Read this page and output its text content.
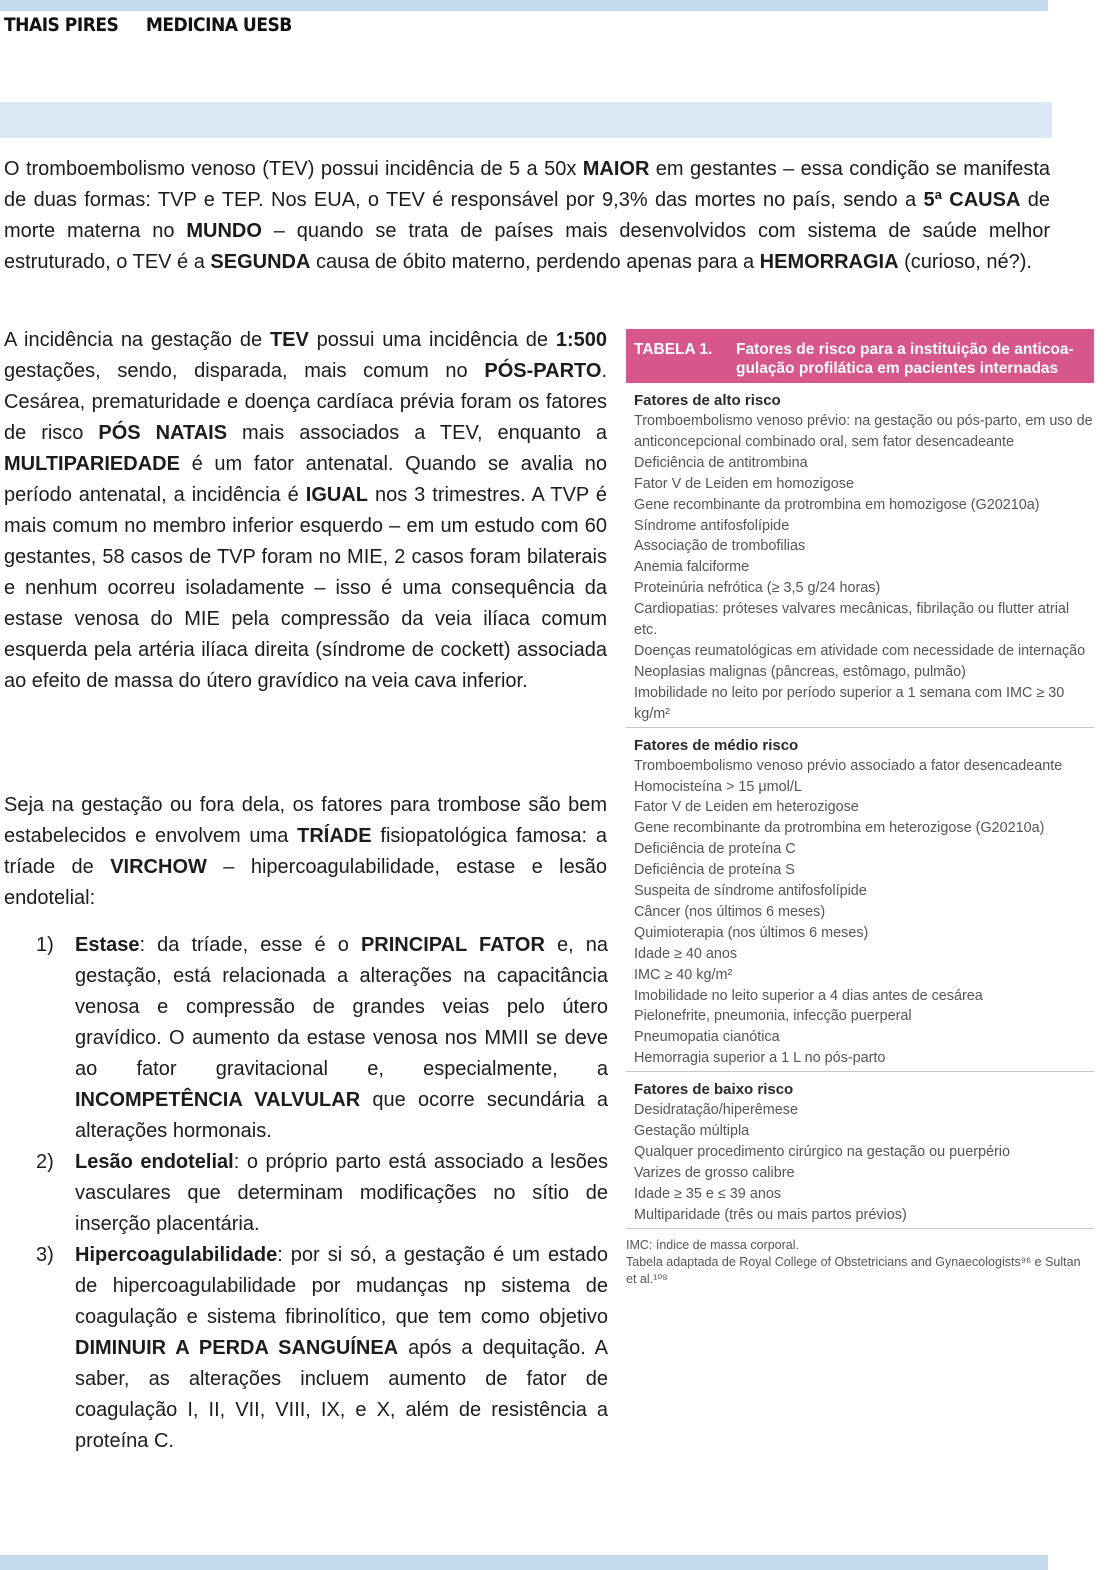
THAIS PIRES MEDICINA UESB

O tromboembolismo venoso (TEV) possui incidência de 5 a 50x MAIOR em gestantes – essa condição se manifesta de duas formas: TVP e TEP. Nos EUA, o TEV é responsável por 9,3% das mortes no país, sendo a 5ª CAUSA de morte materna no MUNDO – quando se trata de países mais desenvolvidos com sistema de saúde melhor estruturado, o TEV é a SEGUNDA causa de óbito materno, perdendo apenas para a HEMORRAGIA (curioso, né?).

A incidência na gestação de TEV possui uma incidência de 1:500 gestações, sendo, disparada, mais comum no PÓS-PARTO. Cesárea, prematuridade e doença cardíaca prévia foram os fatores de risco PÓS NATAIS mais associados a TEV, enquanto a MULTIPARIEDADE é um fator antenatal. Quando se avalia no período antenatal, a incidência é IGUAL nos 3 trimestres. A TVP é mais comum no membro inferior esquerdo – em um estudo com 60 gestantes, 58 casos de TVP foram no MIE, 2 casos foram bilaterais e nenhum ocorreu isoladamente – isso é uma consequência da estase venosa do MIE pela compressão da veia ilíaca comum esquerda pela artéria ilíaca direita (síndrome de cockett) associada ao efeito de massa do útero gravídico na veia cava inferior.

Seja na gestação ou fora dela, os fatores para trombose são bem estabelecidos e envolvem uma TRÍADE fisiopatológica famosa: a tríade de VIRCHOW – hipercoagulabilidade, estase e lesão endotelial:

1) Estase: da tríade, esse é o PRINCIPAL FATOR e, na gestação, está relacionada a alterações na capacitância venosa e compressão de grandes veias pelo útero gravídico. O aumento da estase venosa nos MMII se deve ao fator gravitacional e, especialmente, a INCOMPETÊNCIA VALVULAR que ocorre secundária a alterações hormonais.
2) Lesão endotelial: o próprio parto está associado a lesões vasculares que determinam modificações no sítio de inserção placentária.
3) Hipercoagulabilidade: por si só, a gestação é um estado de hipercoagulabilidade por mudanças np sistema de coagulação e sistema fibrinolítico, que tem como objetivo DIMINUIR A PERDA SANGUÍNEA após a dequitação. A saber, as alterações incluem aumento de fator de coagulação I, II, VII, VIII, IX, e X, além de resistência a proteína C.
TABELA 1. Fatores de risco para a instituição de anticoa-gulação profilática em pacientes internadas
Fatores de alto risco
Tromboembolismo venoso prévio: na gestação ou pós-parto, em uso de anticoncepcional combinado oral, sem fator desencadeante
Deficiência de antitrombina
Fator V de Leiden em homozigose
Gene recombinante da protrombina em homozigose (G20210a)
Síndrome antifosfolípide
Associação de trombofilias
Anemia falciforme
Proteinúria nefrótica (≥ 3,5 g/24 horas)
Cardiopatias: próteses valvares mecânicas, fibrilação ou flutter atrial etc.
Doenças reumatológicas em atividade com necessidade de internação
Neoplasias malignas (pâncreas, estômago, pulmão)
Imobilidade no leito por período superior a 1 semana com IMC ≥ 30 kg/m²
Fatores de médio risco
Tromboembolismo venoso prévio associado a fator desencadeante
Homocisteína > 15 μmol/L
Fator V de Leiden em heterozigose
Gene recombinante da protrombina em heterozigose (G20210a)
Deficiência de proteína C
Deficiência de proteína S
Suspeita de síndrome antifosfolípide
Câncer (nos últimos 6 meses)
Quimioterapia (nos últimos 6 meses)
Idade ≥ 40 anos
IMC ≥ 40 kg/m²
Imobilidade no leito superior a 4 dias antes de cesárea
Pielonefrite, pneumonia, infecção puerperal
Pneumopatia cianótica
Hemorragia superior a 1 L no pós-parto
Fatores de baixo risco
Desidratação/hiperêmese
Gestação múltipla
Qualquer procedimento cirúrgico na gestação ou puerpério
Varizes de grosso calibre
Idade ≥ 35 e ≤ 39 anos
Multiparidade (três ou mais partos prévios)
IMC: índice de massa corporal.
Tabela adaptada de Royal College of Obstetricians and Gynaecologists⁹⁶ e Sultan et al.¹⁰⁸
